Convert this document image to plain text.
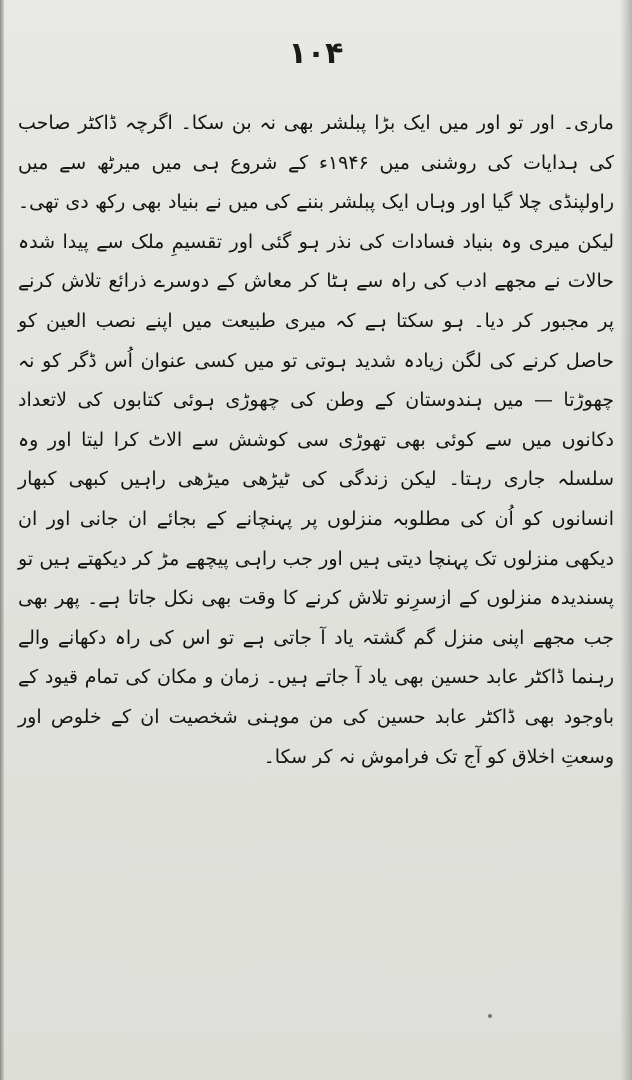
۱۰۴

ماری۔ اور تو اور میں ایک بڑا پبلشر بھی نہ بن سکا۔ اگرچہ ڈاکٹر صاحب کی ہدایات کی روشنی میں ۱۹۴۶ء کے شروع ہی میں میرٹھ سے میں راولپنڈی چلا گیا اور وہاں ایک پبلشر بننے کی میں نے بنیاد بھی رکھ دی تھی۔ لیکن میری وہ بنیاد فسادات کی نذر ہو گئی اور تقسیمِ ملک سے پیدا شدہ حالات نے مجھے ادب کی راہ سے ہٹا کر معاش کے دوسرے ذرائع تلاش کرنے پر مجبور کر دیا۔ ہو سکتا ہے کہ میری طبیعت میں اپنے نصب العین کو حاصل کرنے کی لگن زیادہ شدید ہوتی تو میں کسی عنوان اُس ڈگر کو نہ چھوڑتا — میں ہندوستان کے وطن کی چھوڑی ہوئی کتابوں کی لاتعداد دکانوں میں سے کوئی بھی تھوڑی سی کوشش سے الاٹ کرا لیتا اور وہ سلسلہ جاری رہتا۔ لیکن زندگی کی ٹیڑھی میڑھی راہیں کبھی کبھار انسانوں کو اُن کی مطلوبہ منزلوں پر پہنچانے کے بجائے ان جانی اور ان دیکھی منزلوں تک پہنچا دیتی ہیں اور جب راہی پیچھے مڑ کر دیکھتے ہیں تو پسندیدہ منزلوں کے ازسرِنو تلاش کرنے کا وقت بھی نکل جاتا ہے۔ پھر بھی جب مجھے اپنی منزل گم گشتہ یاد آ جاتی ہے تو اس کی راہ دکھانے والے رہنما ڈاکٹر عابد حسین بھی یاد آ جاتے ہیں۔ زمان و مکان کی تمام قیود کے باوجود بھی ڈاکٹر عابد حسین کی من موہنی شخصیت ان کے خلوص اور وسعتِ اخلاق کو آج تک فراموش نہ کر سکا۔
